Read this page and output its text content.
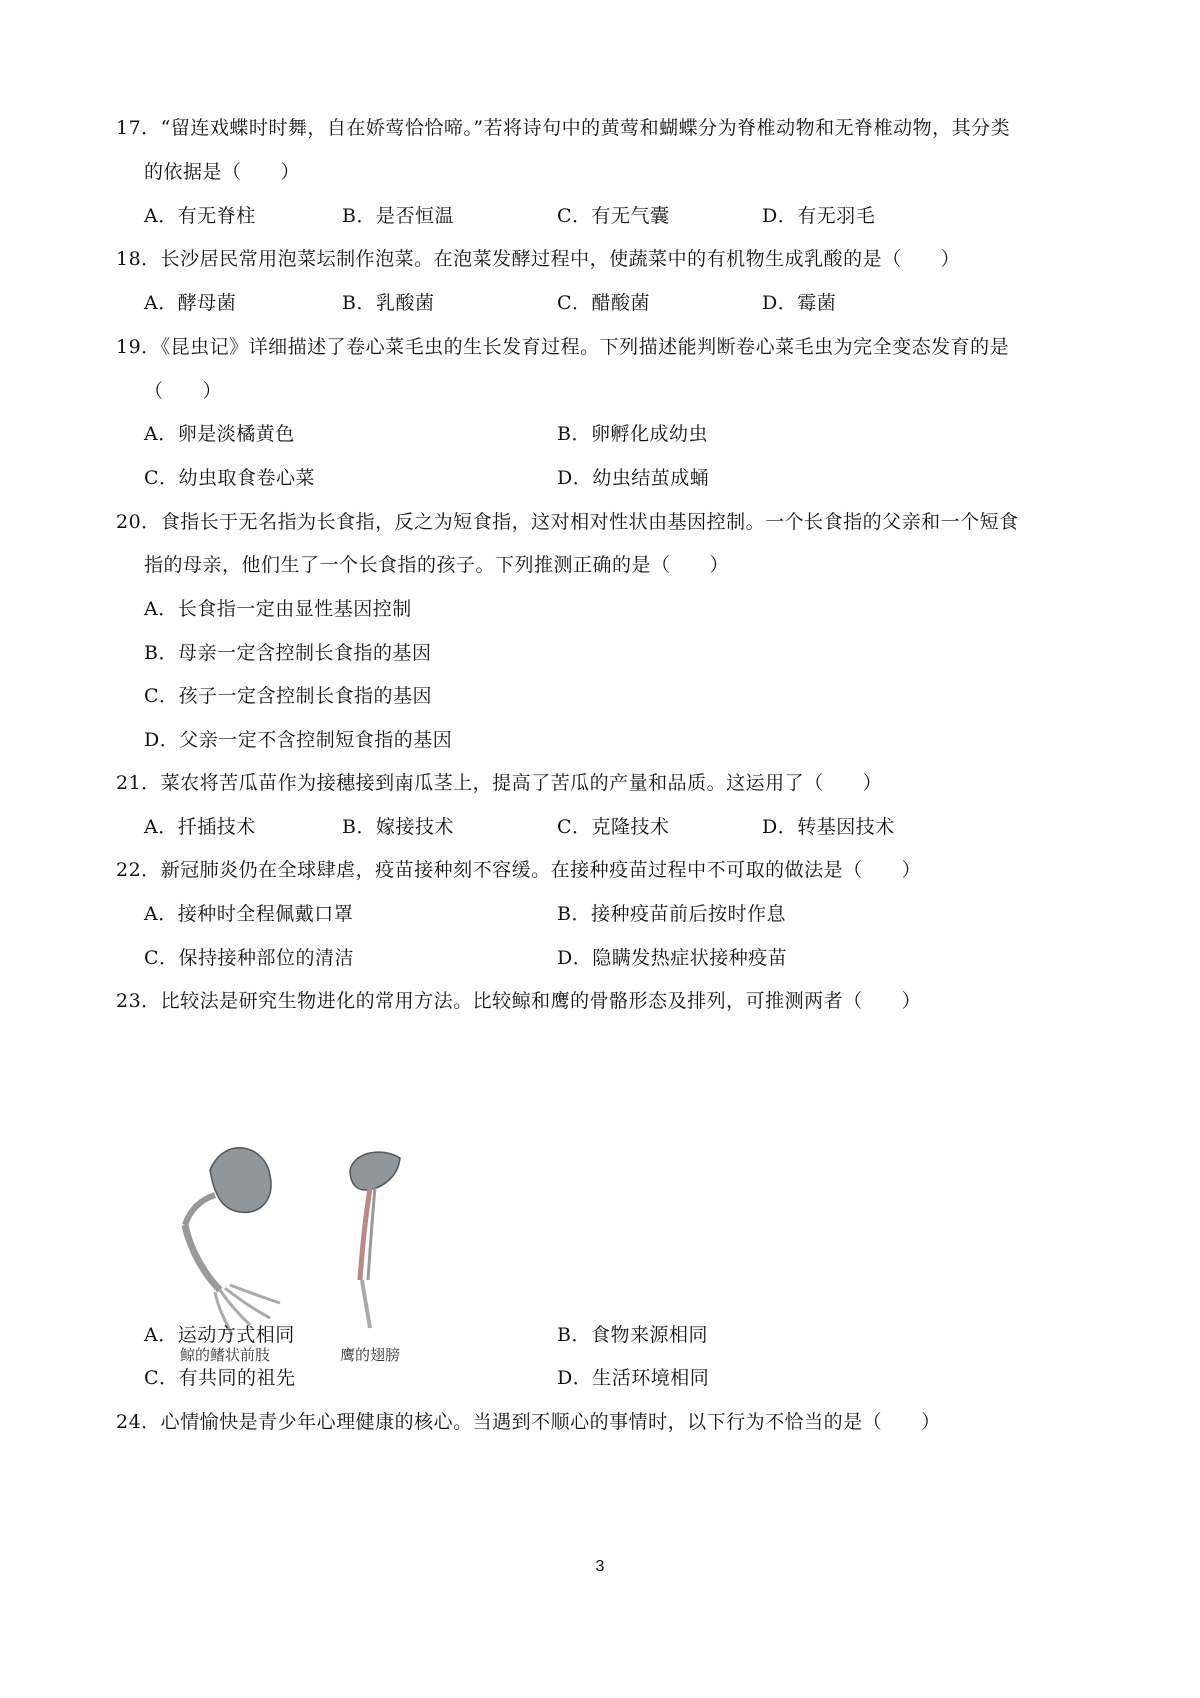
17．“留连戏蝶时时舞，自在娇莺恰恰啼。”若将诗句中的黄莺和蝴蝶分为脊椎动物和无脊椎动物，其分类
的依据是（　　）
A．有无脊柱	B．是否恒温	C．有无气囊	D．有无羽毛
18．长沙居民常用泡菜坛制作泡菜。在泡菜发酵过程中，使蔬菜中的有机物生成乳酸的是（　　）
A．酵母菌	B．乳酸菌	C．醋酸菌	D．霉菌
19．《昆虫记》详细描述了卷心菜毛虫的生长发育过程。下列描述能判断卷心菜毛虫为完全变态发育的是
（　　）
A．卵是淡橘黄色	B．卵孵化成幼虫
C．幼虫取食卷心菜	D．幼虫结茧成蛹
20．食指长于无名指为长食指，反之为短食指，这对相对性状由基因控制。一个长食指的父亲和一个短食
指的母亲，他们生了一个长食指的孩子。下列推测正确的是（　　）
A．长食指一定由显性基因控制
B．母亲一定含控制长食指的基因
C．孩子一定含控制长食指的基因
D．父亲一定不含控制短食指的基因
21．菜农将苦瓜苗作为接穗接到南瓜茎上，提高了苦瓜的产量和品质。这运用了（　　）
A．扦插技术	B．嫁接技术	C．克隆技术	D．转基因技术
22．新冠肺炎仍在全球肆虐，疫苗接种刻不容缓。在接种疫苗过程中不可取的做法是（　　）
A．接种时全程佩戴口罩	B．接种疫苗前后按时作息
C．保持接种部位的清洁	D．隐瞒发热症状接种疫苗
23．比较法是研究生物进化的常用方法。比较鲸和鹰的骨骼形态及排列，可推测两者（　　）
鲸的鳍状前肢	鹰的翅膀
A．运动方式相同	B．食物来源相同
C．有共同的祖先	D．生活环境相同
24．心情愉快是青少年心理健康的核心。当遇到不顺心的事情时，以下行为不恰当的是（　　）
3
